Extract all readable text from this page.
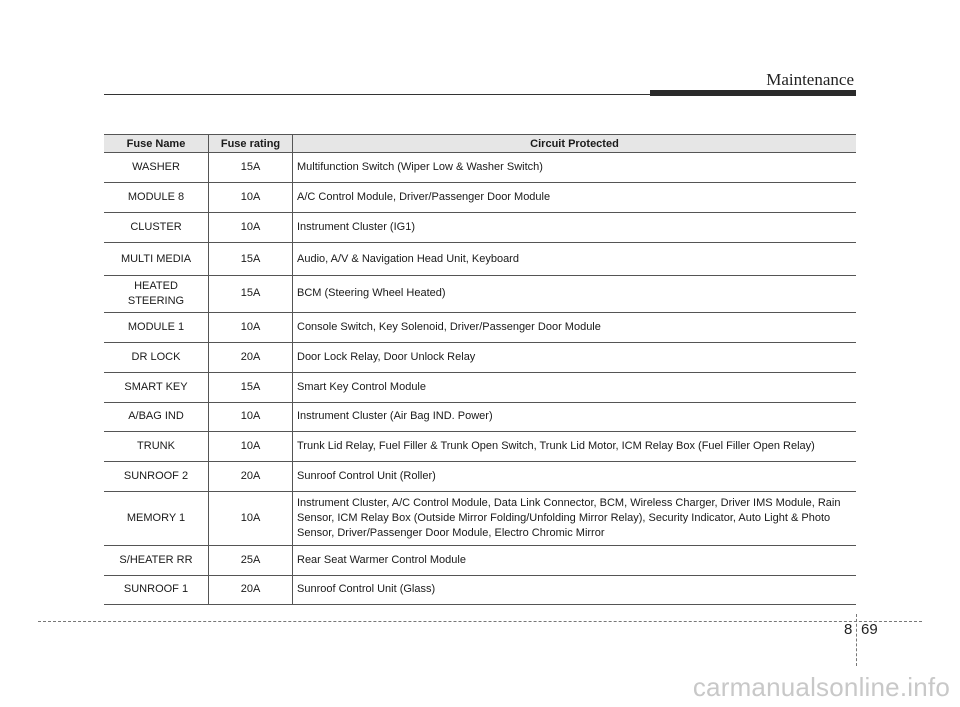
Maintenance
Fuse Name	Fuse rating	Circuit Protected
WASHER	15A	Multifunction Switch (Wiper Low & Washer Switch)
MODULE 8	10A	A/C Control Module, Driver/Passenger Door Module
CLUSTER	10A	Instrument Cluster (IG1)
MULTI MEDIA	15A	Audio, A/V & Navigation Head Unit, Keyboard
HEATED
STEERING	15A	BCM (Steering Wheel Heated)
MODULE 1	10A	Console Switch, Key Solenoid, Driver/Passenger Door Module
DR LOCK	20A	Door Lock Relay, Door Unlock Relay
SMART KEY	15A	Smart Key Control Module
A/BAG IND	10A	Instrument Cluster (Air Bag IND. Power)
TRUNK	10A	Trunk Lid Relay, Fuel Filler & Trunk Open Switch, Trunk Lid Motor, ICM Relay Box (Fuel Filler Open Relay)
SUNROOF 2	20A	Sunroof Control Unit (Roller)
MEMORY 1	10A	Instrument Cluster, A/C Control Module, Data Link Connector, BCM, Wireless Charger, Driver IMS Module, Rain Sensor, ICM Relay Box (Outside Mirror Folding/Unfolding Mirror Relay), Security Indicator, Auto Light & Photo Sensor, Driver/Passenger Door Module, Electro Chromic Mirror
S/HEATER RR	25A	Rear Seat Warmer Control Module
SUNROOF 1	20A	Sunroof Control Unit (Glass)
8 69
carmanualsonline.info
